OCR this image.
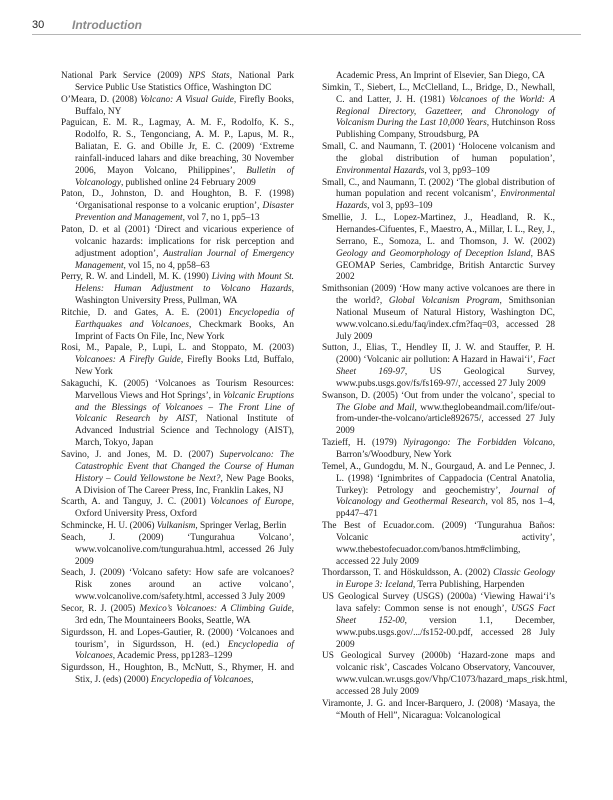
30 Introduction

National Park Service (2009) NPS Stats, National Park Service Public Use Statistics Office, Washington DC

O’Meara, D. (2008) Volcano: A Visual Guide, Firefly Books, Buffalo, NY

Paguican, E. M. R., Lagmay, A. M. F., Rodolfo, K. S., Rodolfo, R. S., Tengonciang, A. M. P., Lapus, M. R., Baliatan, E. G. and Obille Jr, E. C. (2009) ‘Extreme rainfall-induced lahars and dike breaching, 30 November 2006, Mayon Volcano, Philippines’, Bulletin of Volcanology, published online 24 February 2009

Paton, D., Johnston, D. and Houghton, B. F. (1998) ‘Organisational response to a volcanic eruption’, Disaster Prevention and Management, vol 7, no 1, pp5–13

Paton, D. et al (2001) ‘Direct and vicarious experience of volcanic hazards: implications for risk perception and adjustment adoption’, Australian Journal of Emergency Management, vol 15, no 4, pp58–63

Perry, R. W. and Lindell, M. K. (1990) Living with Mount St. Helens: Human Adjustment to Volcano Hazards, Washington University Press, Pullman, WA

Ritchie, D. and Gates, A. E. (2001) Encyclopedia of Earthquakes and Volcanoes, Checkmark Books, An Imprint of Facts On File, Inc, New York

Rosi, M., Papale, P., Lupi, L. and Stoppato, M. (2003) Volcanoes: A Firefly Guide, Firefly Books Ltd, Buffalo, New York

Sakaguchi, K. (2005) ‘Volcanoes as Tourism Resources: Marvellous Views and Hot Springs’, in Volcanic Eruptions and the Blessings of Volcanoes – The Front Line of Volcanic Research by AIST, National Institute of Advanced Industrial Science and Technology (AIST), March, Tokyo, Japan

Savino, J. and Jones, M. D. (2007) Supervolcano: The Catastrophic Event that Changed the Course of Human History – Could Yellowstone be Next?, New Page Books, A Division of The Career Press, Inc, Franklin Lakes, NJ

Scarth, A. and Tanguy, J. C. (2001) Volcanoes of Europe, Oxford University Press, Oxford

Schmincke, H. U. (2006) Vulkanism, Springer Verlag, Berlin

Seach, J. (2009) ‘Tungurahua Volcano’, www.volcanolive.com/tungurahua.html, accessed 26 July 2009

Seach, J. (2009) ‘Volcano safety: How safe are volcanoes? Risk zones around an active volcano’, www.volcanolive.com/safety.html, accessed 3 July 2009

Secor, R. J. (2005) Mexico’s Volcanoes: A Climbing Guide, 3rd edn, The Mountaineers Books, Seattle, WA

Sigurdsson, H. and Lopes-Gautier, R. (2000) ‘Volcanoes and tourism’, in Sigurdsson, H. (ed.) Encyclopedia of Volcanoes, Academic Press, pp1283–1299

Sigurdsson, H., Houghton, B., McNutt, S., Rhymer, H. and Stix, J. (eds) (2000) Encyclopedia of Volcanoes,

Academic Press, An Imprint of Elsevier, San Diego, CA

Simkin, T., Siebert, L., McClelland, L., Bridge, D., Newhall, C. and Latter, J. H. (1981) Volcanoes of the World: A Regional Directory, Gazetteer, and Chronology of Volcanism During the Last 10,000 Years, Hutchinson Ross Publishing Company, Stroudsburg, PA

Small, C. and Naumann, T. (2001) ‘Holocene volcanism and the global distribution of human population’, Environmental Hazards, vol 3, pp93–109

Small, C., and Naumann, T. (2002) ‘The global distribution of human population and recent volcanism’, Environmental Hazards, vol 3, pp93–109

Smellie, J. L., Lopez-Martinez, J., Headland, R. K., Hernandes-Cifuentes, F., Maestro, A., Millar, I. L., Rey, J., Serrano, E., Somoza, L. and Thomson, J. W. (2002) Geology and Geomorphology of Deception Island, BAS GEOMAP Series, Cambridge, British Antarctic Survey 2002

Smithsonian (2009) ‘How many active volcanoes are there in the world?, Global Volcanism Program, Smithsonian National Museum of Natural History, Washington DC, www.volcano.si.edu/faq/index.cfm?faq=03, accessed 28 July 2009

Sutton, J., Elias, T., Hendley II, J. W. and Stauffer, P. H. (2000) ‘Volcanic air pollution: A Hazard in Hawai‘i’, Fact Sheet 169-97, US Geological Survey, www.pubs.usgs.gov/fs/fs169-97/, accessed 27 July 2009

Swanson, D. (2005) ‘Out from under the volcano’, special to The Globe and Mail, www.theglobeandmail.com/life/out-from-under-the-volcano/article892675/, accessed 27 July 2009

Tazieff, H. (1979) Nyiragongo: The Forbidden Volcano, Barron’s/Woodbury, New York

Temel, A., Gundogdu, M. N., Gourgaud, A. and Le Pennec, J. L. (1998) ‘Ignimbrites of Cappadocia (Central Anatolia, Turkey): Petrology and geochemistry’, Journal of Volcanology and Geothermal Research, vol 85, nos 1–4, pp447–471

The Best of Ecuador.com. (2009) ‘Tungurahua Baños: Volcanic activity’, www.thebestofecuador.com/banos.htm#climbing, accessed 22 July 2009

Thordarsson, T. and Höskuldsson, A. (2002) Classic Geology in Europe 3: Iceland, Terra Publishing, Harpenden

US Geological Survey (USGS) (2000a) ‘Viewing Hawai‘i’s lava safely: Common sense is not enough’, USGS Fact Sheet 152-00, version 1.1, December, www.pubs.usgs.gov/.../fs152-00.pdf, accessed 28 July 2009

US Geological Survey (2000b) ‘Hazard-zone maps and volcanic risk’, Cascades Volcano Observatory, Vancouver, www.vulcan.wr.usgs.gov/Vhp/C1073/hazard_maps_risk.html, accessed 28 July 2009

Viramonte, J. G. and Incer-Barquero, J. (2008) ‘Masaya, the “Mouth of Hell”, Nicaragua: Volcanological
